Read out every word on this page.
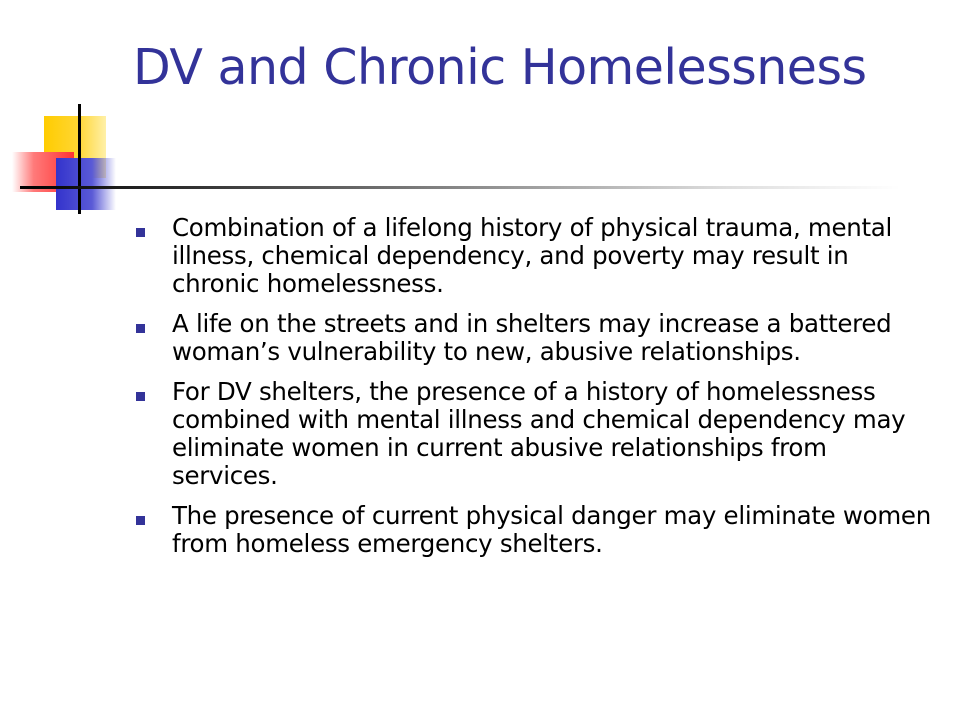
DV and Chronic Homelessness
Combination of a lifelong history of physical trauma, mental illness, chemical dependency, and poverty may result in chronic homelessness.
A life on the streets and in shelters may increase a battered woman’s vulnerability to new, abusive relationships.
For DV shelters, the presence of a history of homelessness combined with mental illness and chemical dependency may eliminate women in current abusive relationships from services.
The presence of current physical danger may eliminate women from homeless emergency shelters.
